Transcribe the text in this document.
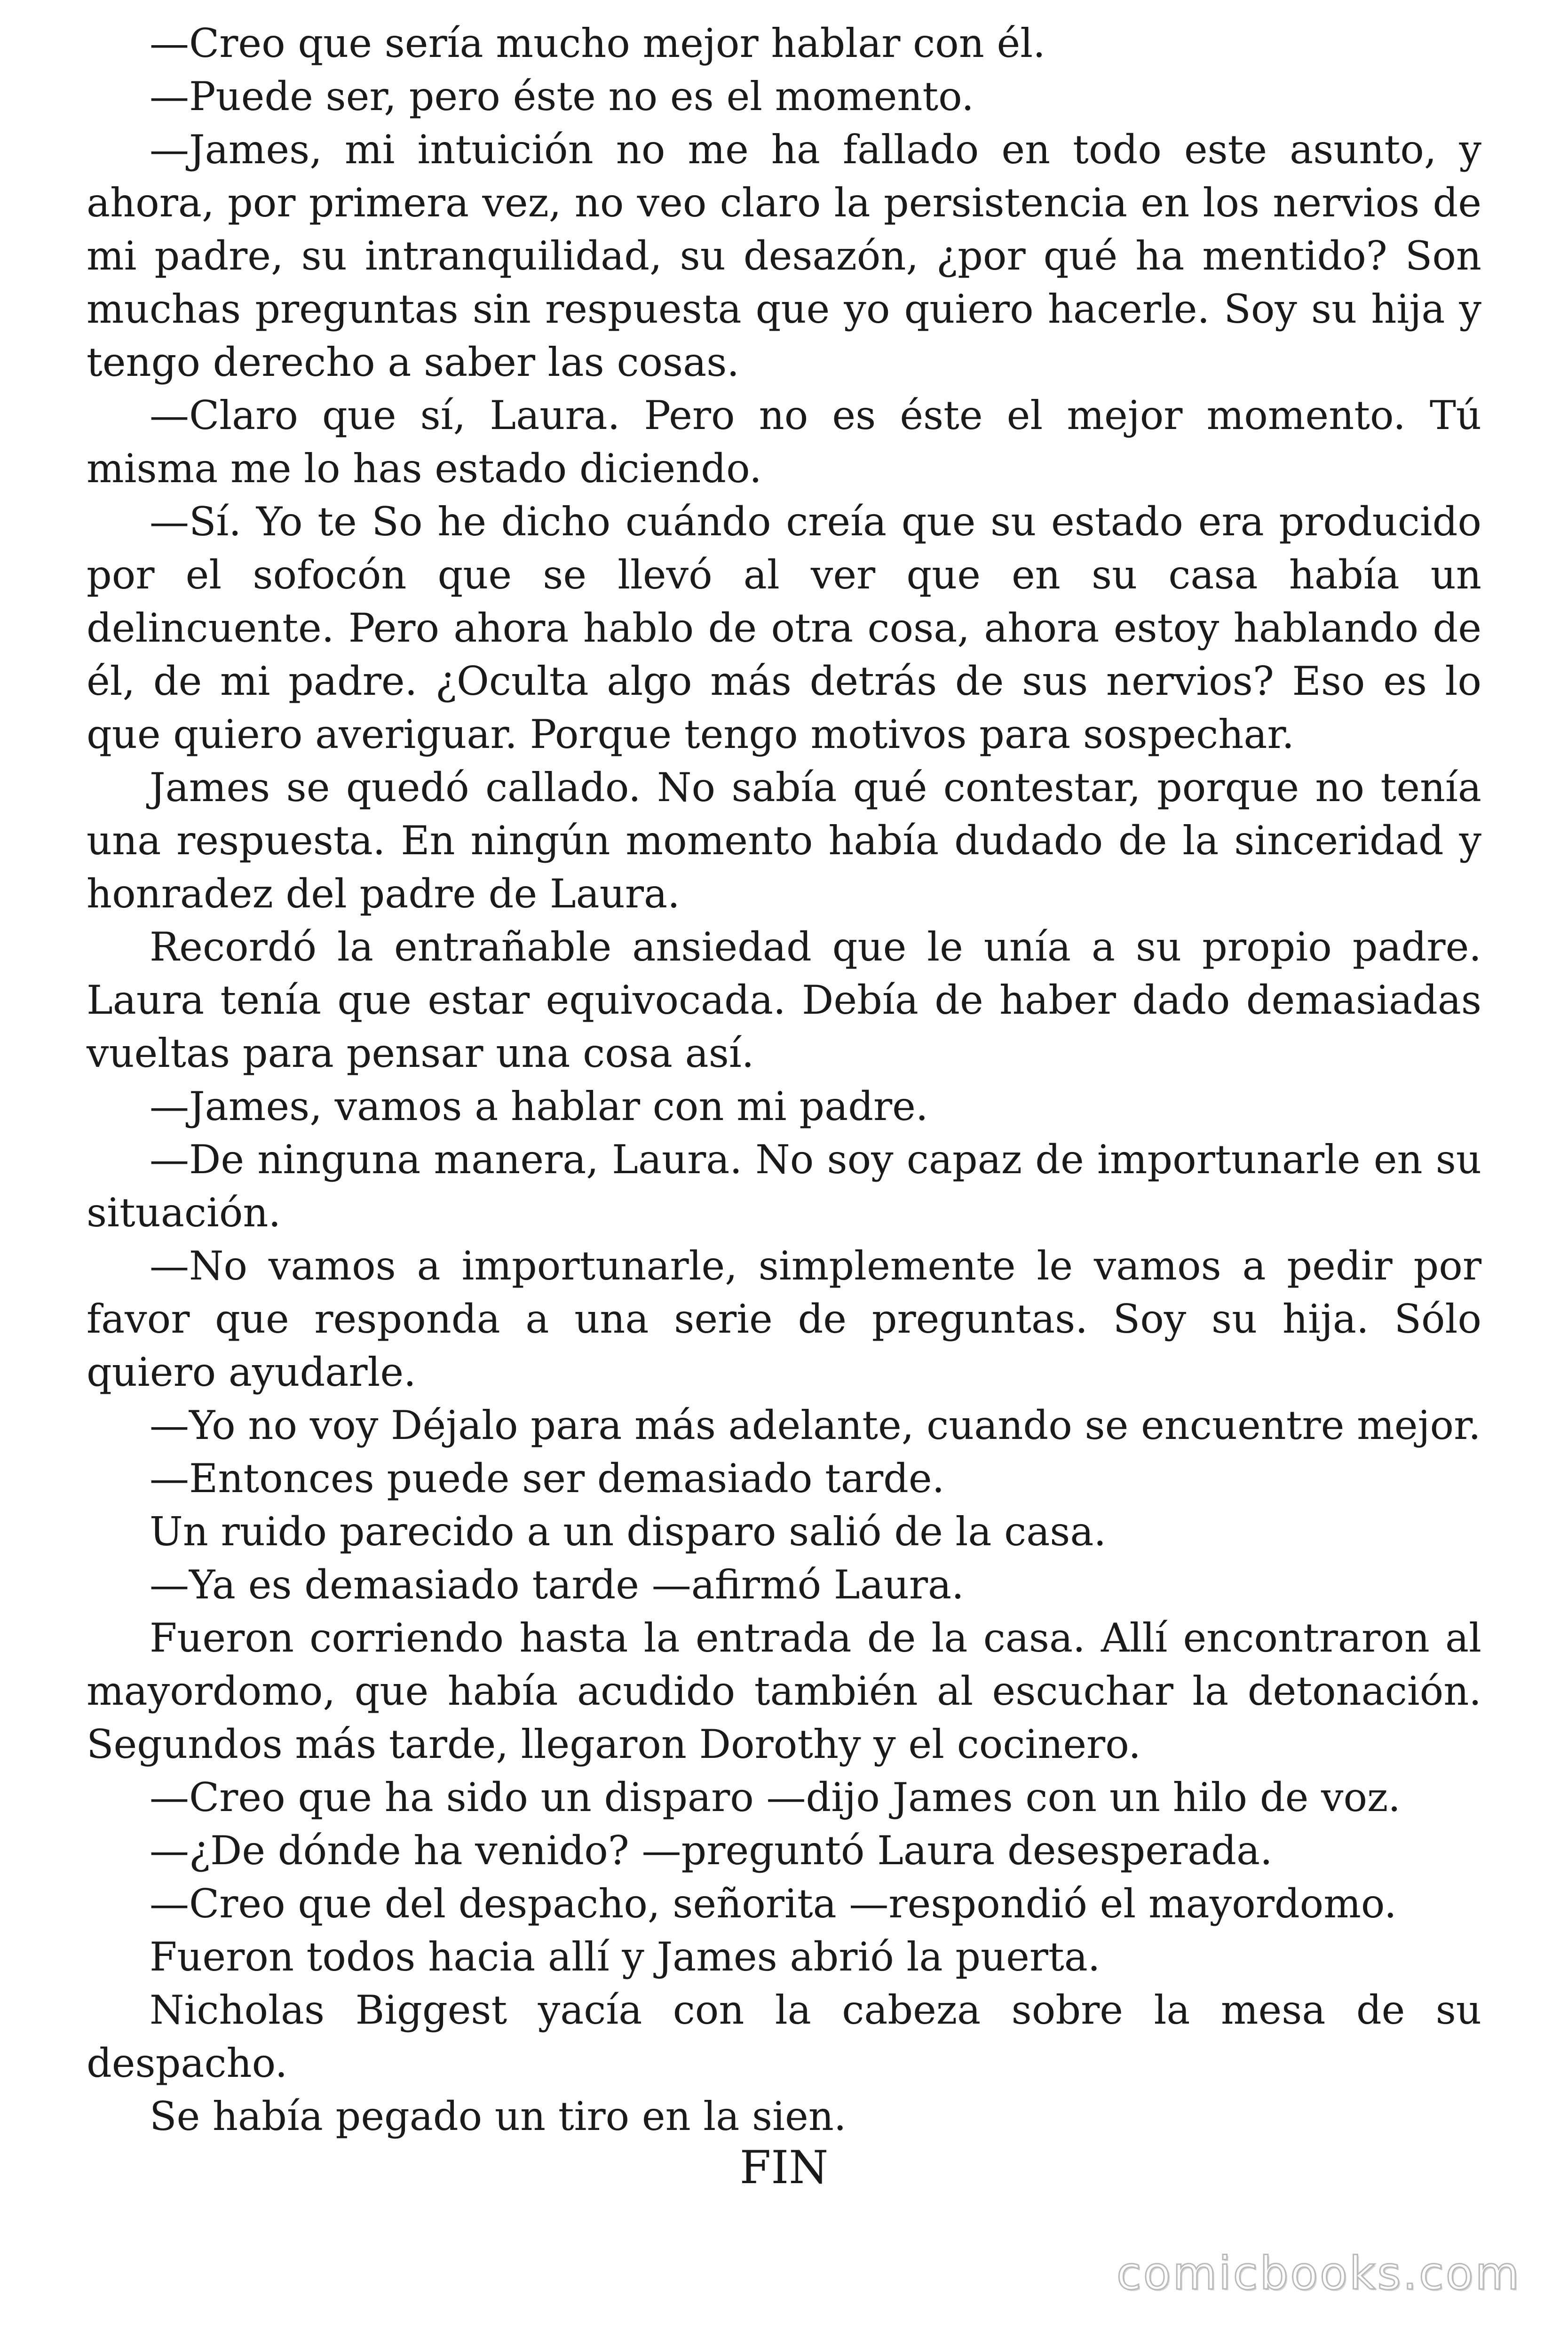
—Creo que sería mucho mejor hablar con él.

—Puede ser, pero éste no es el momento.

—James, mi intuición no me ha fallado en todo este asunto, y ahora, por primera vez, no veo claro la persistencia en los nervios de mi padre, su intranquilidad, su desazón, ¿por qué ha mentido? Son muchas preguntas sin respuesta que yo quiero hacerle. Soy su hija y tengo derecho a saber las cosas.

—Claro que sí, Laura. Pero no es éste el mejor momento. Tú misma me lo has estado diciendo.

—Sí. Yo te So he dicho cuándo creía que su estado era producido por el sofocón que se llevó al ver que en su casa había un delincuente. Pero ahora hablo de otra cosa, ahora estoy hablando de él, de mi padre. ¿Oculta algo más detrás de sus nervios? Eso es lo que quiero averiguar. Porque tengo motivos para sospechar.

James se quedó callado. No sabía qué contestar, porque no tenía una respuesta. En ningún momento había dudado de la sinceridad y honradez del padre de Laura.

Recordó la entrañable ansiedad que le unía a su propio padre. Laura tenía que estar equivocada. Debía de haber dado demasiadas vueltas para pensar una cosa así.

—James, vamos a hablar con mi padre.

—De ninguna manera, Laura. No soy capaz de importunarle en su situación.

—No vamos a importunarle, simplemente le vamos a pedir por favor que responda a una serie de preguntas. Soy su hija. Sólo quiero ayudarle.

—Yo no voy Déjalo para más adelante, cuando se encuentre mejor.

—Entonces puede ser demasiado tarde.

Un ruido parecido a un disparo salió de la casa.

—Ya es demasiado tarde —afirmó Laura.

Fueron corriendo hasta la entrada de la casa. Allí encontraron al mayordomo, que había acudido también al escuchar la detonación. Segundos más tarde, llegaron Dorothy y el cocinero.

—Creo que ha sido un disparo —dijo James con un hilo de voz.

—¿De dónde ha venido? —preguntó Laura desesperada.

—Creo que del despacho, señorita —respondió el mayordomo.

Fueron todos hacia allí y James abrió la puerta.

Nicholas Biggest yacía con la cabeza sobre la mesa de su despacho.

Se había pegado un tiro en la sien.

FIN
comicbooks.com
